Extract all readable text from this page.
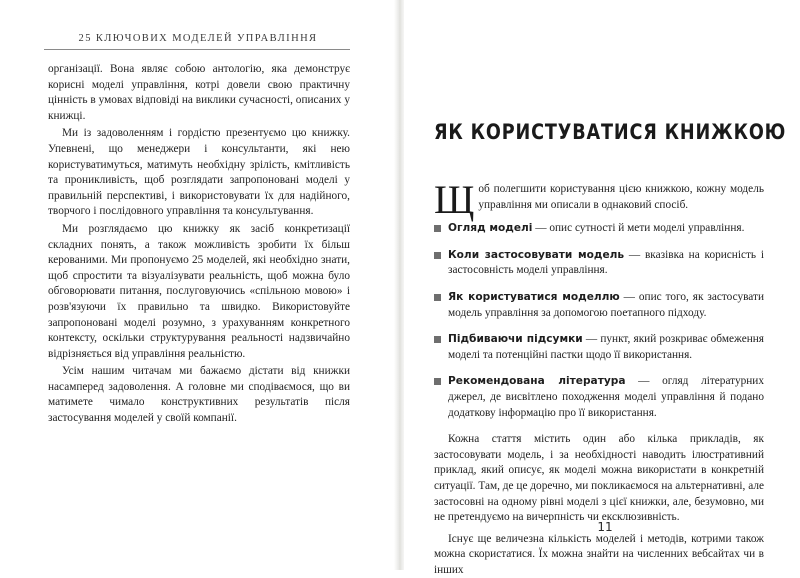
25 КЛЮЧОВИХ МОДЕЛЕЙ УПРАВЛІННЯ

організації. Вона являє собою антологію, яка демонструє корисні моделі управління, котрі довели свою практичну цінність в умовах відповіді на виклики сучасності, описаних у книжці.

Ми із задоволенням і гордістю презентуємо цю книжку. Упевнені, що менеджери і консультанти, які нею користуватимуться, матимуть необхідну зрілість, кмітливість та проникливість, щоб розглядати запропоновані моделі у правильній перспективі, і використовувати їх для надійного, творчого і послідовного управління та консультування.

Ми розглядаємо цю книжку як засіб конкретизації складних понять, а також можливість зробити їх більш керованими. Ми пропонуємо 25 моделей, які необхідно знати, щоб спростити та візуалізувати реальність, щоб можна було обговорювати питання, послуговуючись «спільною мовою» і розв'язуючи їх правильно та швидко. Використовуйте запропоновані моделі розумно, з урахуванням конкретного контексту, оскільки структурування реальності надзвичайно відрізняється від управління реальністю.

Усім нашим читачам ми бажаємо дістати від книжки насамперед задоволення. А головне ми сподіваємося, що ви матимете чимало конструктивних результатів після застосування моделей у своїй компанії.

ЯК КОРИСТУВАТИСЯ КНИЖКОЮ

Щоб полегшити користування цією книжкою, кожну модель управління ми описали в однаковий спосіб.

Огляд моделі — опис сутності й мети моделі управління.
Коли застосовувати модель — вказівка на корисність і застосовність моделі управління.
Як користуватися моделлю — опис того, як застосувати модель управління за допомогою поетапного підходу.
Підбиваючи підсумки — пункт, який розкриває обмеження моделі та потенційні пастки щодо її використання.
Рекомендована література — огляд літературних джерел, де висвітлено походження моделі управління й подано додаткову інформацію про її використання.

Кожна стаття містить один або кілька прикладів, як застосовувати модель, і за необхідності наводить ілюстративний приклад, який описує, як моделі можна використати в конкретній ситуації. Там, де це доречно, ми покликаємося на альтернативні, але застосовні на одному рівні моделі з цієї книжки, але, безумовно, ми не претендуємо на вичерпність чи ексклюзивність.

Існує ще величезна кількість моделей і методів, котрими також можна скористатися. Їх можна знайти на численних вебсайтах чи в інших

11
